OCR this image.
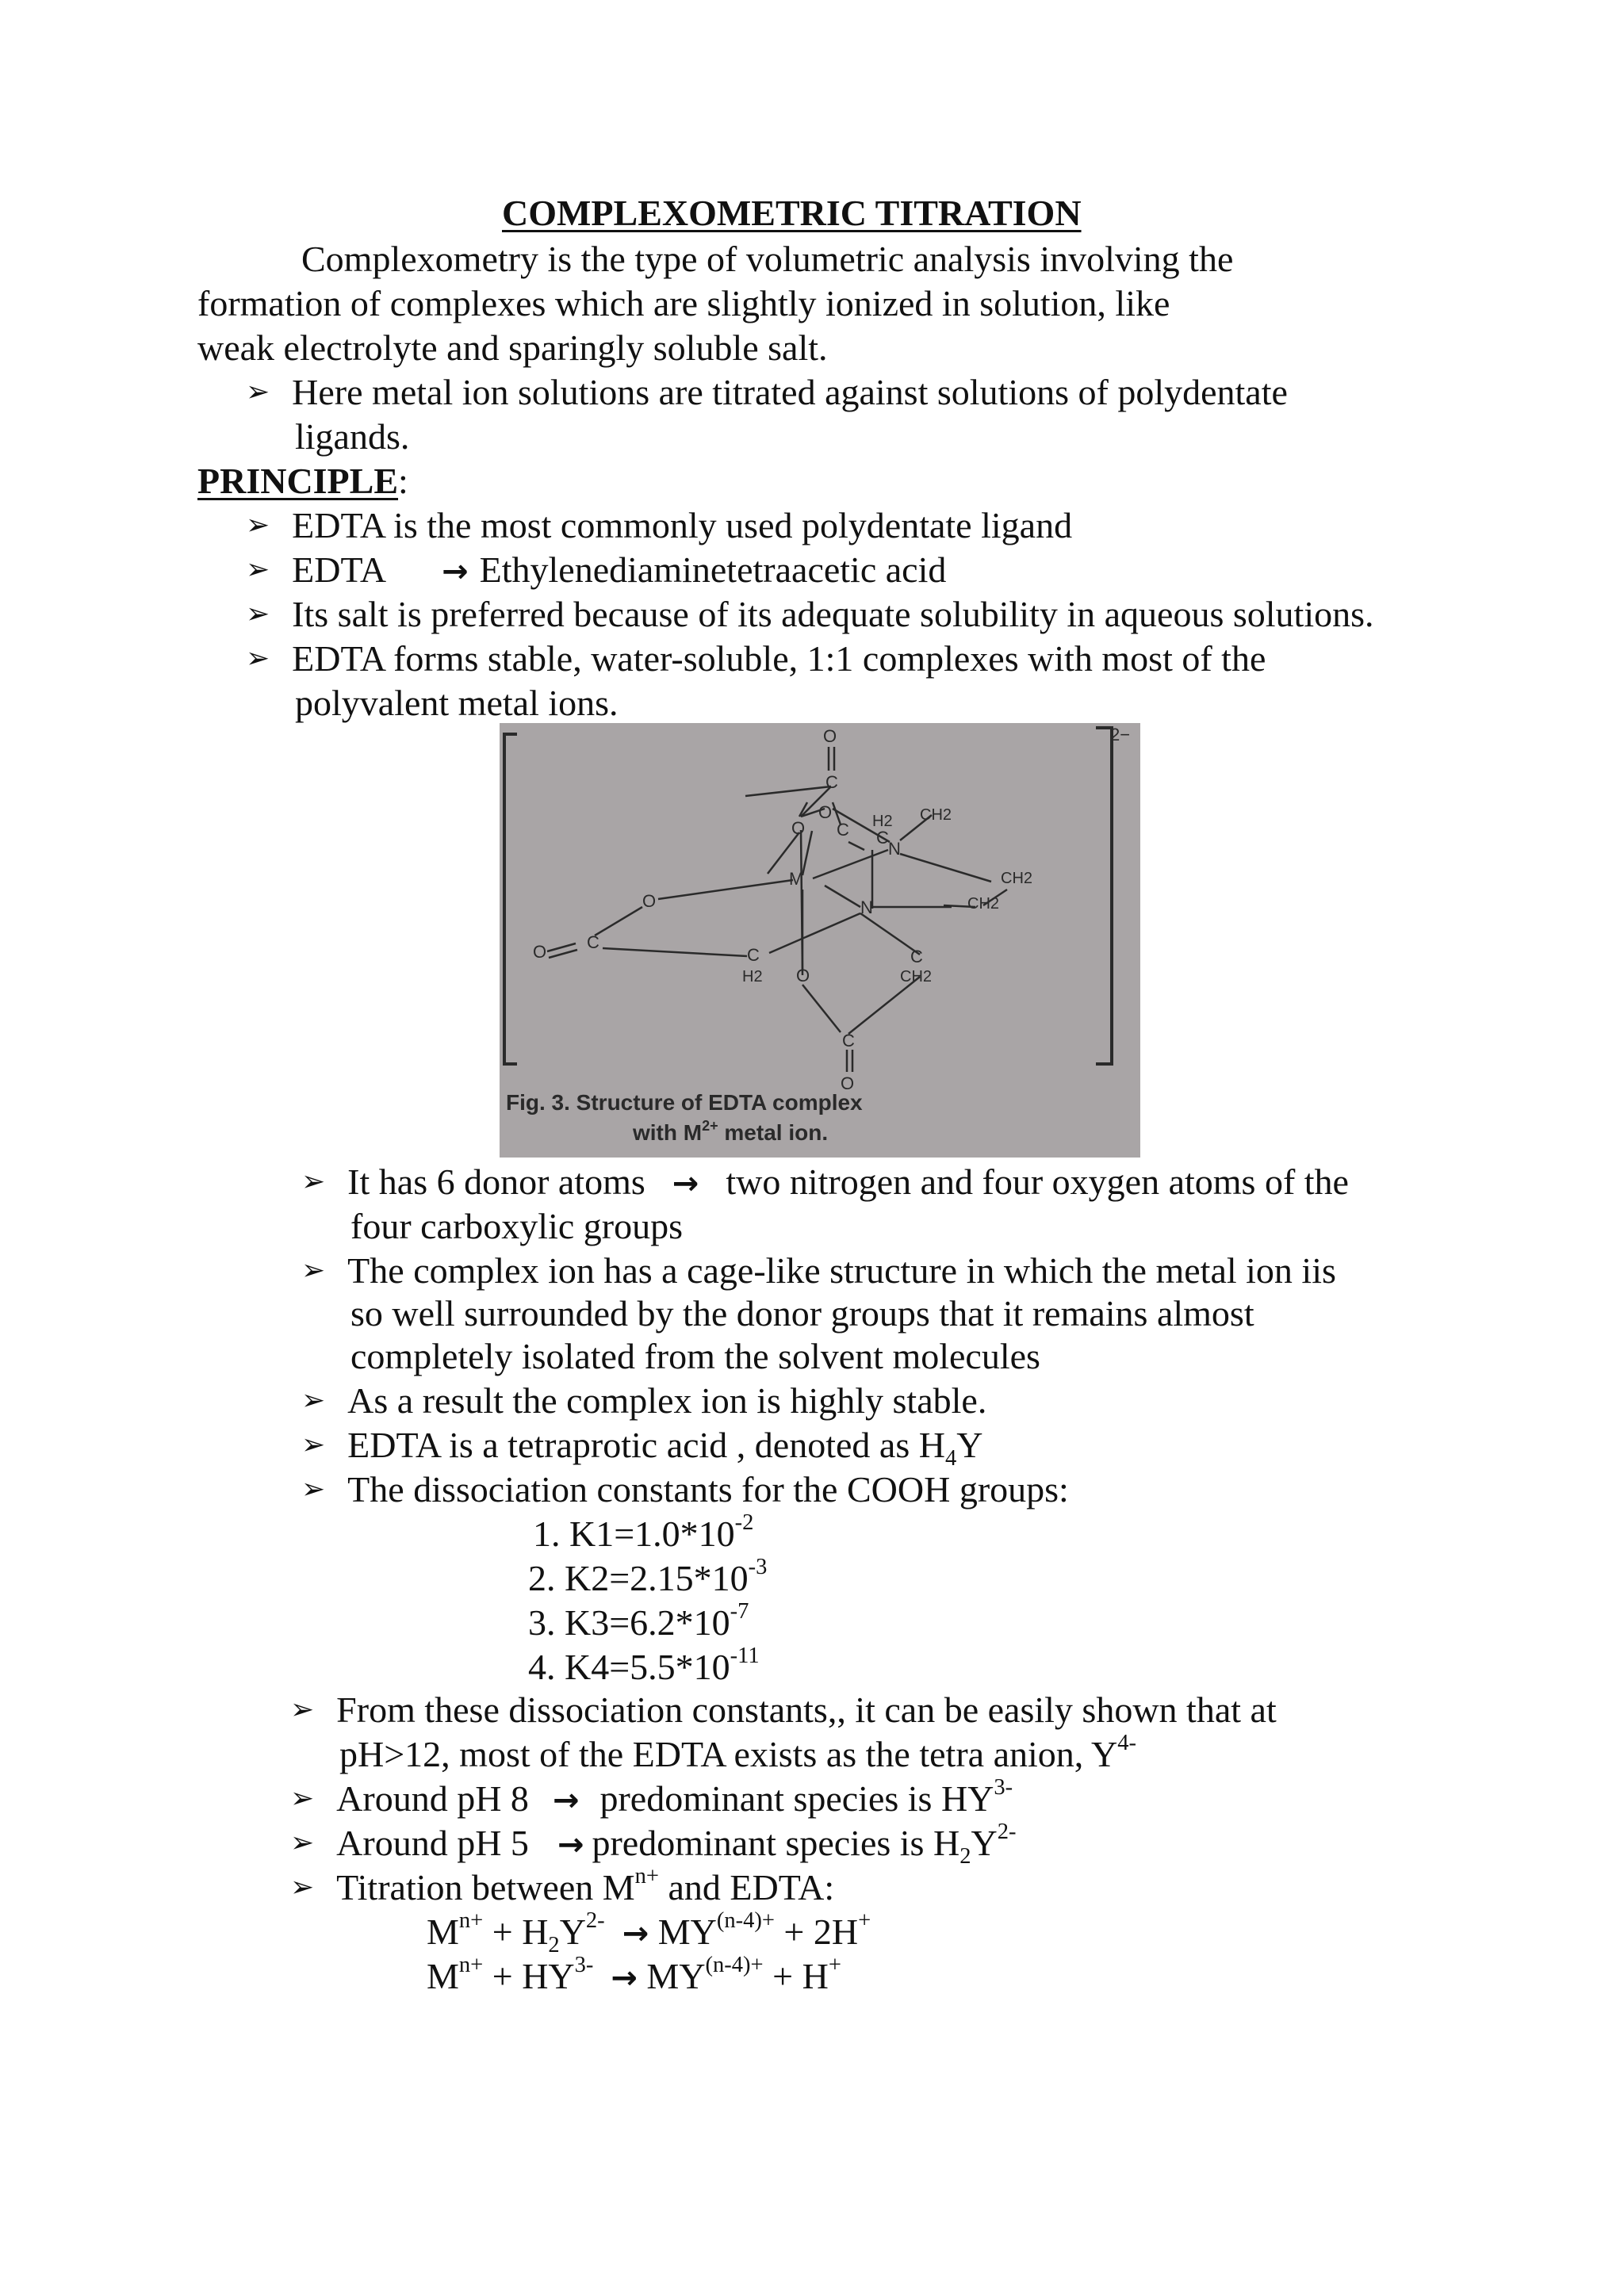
COMPLEXOMETRIC TITRATION
Complexometry is the type of volumetric analysis involving the
formation of complexes which are slightly ionized in solution, like
weak electrolyte and sparingly soluble salt.
➢ Here metal ion solutions are titrated against solutions of polydentate
ligands.
PRINCIPLE:
➢ EDTA is the most commonly used polydentate ligand
➢ EDTA → Ethylenediaminetetraacetic acid
➢ Its salt is preferred because of its adequate solubility in aqueous solutions.
➢ EDTA forms stable, water-soluble, 1:1 complexes with most of the
polyvalent metal ions.
2−
O
C
O
O
C H2 CH2
C
N
CH2
CH2
M
N
O
C
O	C
H2 O
C
CH2
C
O
Fig. 3. Structure of EDTA complex
with $M^{2+}$ metal ion.
➢ It has 6 donor atoms → two nitrogen and four oxygen atoms of the
four carboxylic groups
➢ The complex ion has a cage-like structure in which the metal ion iis
so well surrounded by the donor groups that it remains almost
completely isolated from the solvent molecules
➢ As a result the complex ion is highly stable.
➢ EDTA is a tetraprotic acid , denoted as $H_4Y$
➢ The dissociation constants for the COOH groups:
1. $K1=1.0*10^{-2}$
2. $K2=2.15*10^{-3}$
3. $K3=6.2*10^{-7}$
4. $K4=5.5*10^{-11}$
➢ From these dissociation constants,, it can be easily shown that at
pH>12, most of the EDTA exists as the tetra anion, $Y^{4-}$
➢ Around pH 8 → predominant species is $HY^{3-}$
➢ Around pH 5 → predominant species is $H_2Y^{2-}$
➢ Titration between $M^{n+}$ and EDTA:
$M^{n+} + H_2Y^{2-} \to MY^{(n-4)+} + 2H^+$
$M^{n+} + HY^{3-} \to MY^{(n-4)+} + H^+$
